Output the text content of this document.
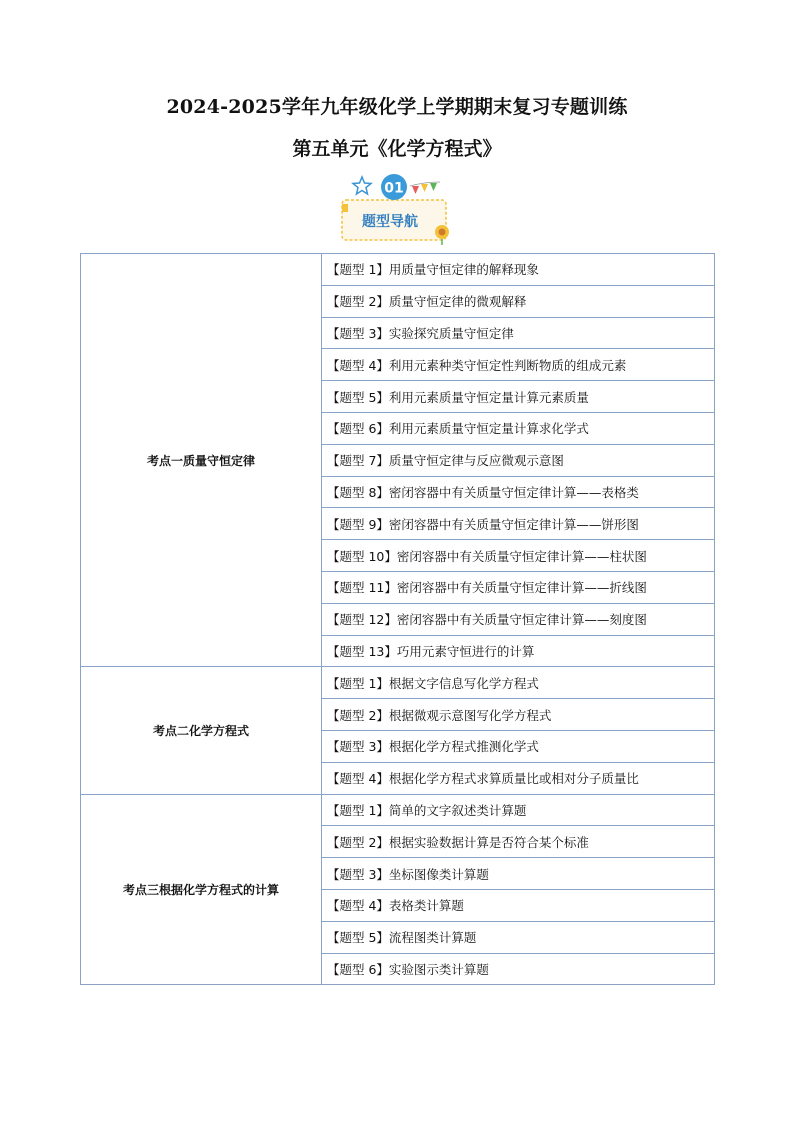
2024-2025学年九年级化学上学期期末复习专题训练
第五单元《化学方程式》
01
题型导航
考点一质量守恒定律	【题型 1】用质量守恒定律的解释现象
	【题型 2】质量守恒定律的微观解释
	【题型 3】实验探究质量守恒定律
	【题型 4】利用元素种类守恒定性判断物质的组成元素
	【题型 5】利用元素质量守恒定量计算元素质量
	【题型 6】利用元素质量守恒定量计算求化学式
	【题型 7】质量守恒定律与反应微观示意图
	【题型 8】密闭容器中有关质量守恒定律计算——表格类
	【题型 9】密闭容器中有关质量守恒定律计算——饼形图
	【题型 10】密闭容器中有关质量守恒定律计算——柱状图
	【题型 11】密闭容器中有关质量守恒定律计算——折线图
	【题型 12】密闭容器中有关质量守恒定律计算——刻度图
	【题型 13】巧用元素守恒进行的计算
考点二化学方程式	【题型 1】根据文字信息写化学方程式
	【题型 2】根据微观示意图写化学方程式
	【题型 3】根据化学方程式推测化学式
	【题型 4】根据化学方程式求算质量比或相对分子质量比
考点三根据化学方程式的计算	【题型 1】简单的文字叙述类计算题
	【题型 2】根据实验数据计算是否符合某个标准
	【题型 3】坐标图像类计算题
	【题型 4】表格类计算题
	【题型 5】流程图类计算题
	【题型 6】实验图示类计算题
